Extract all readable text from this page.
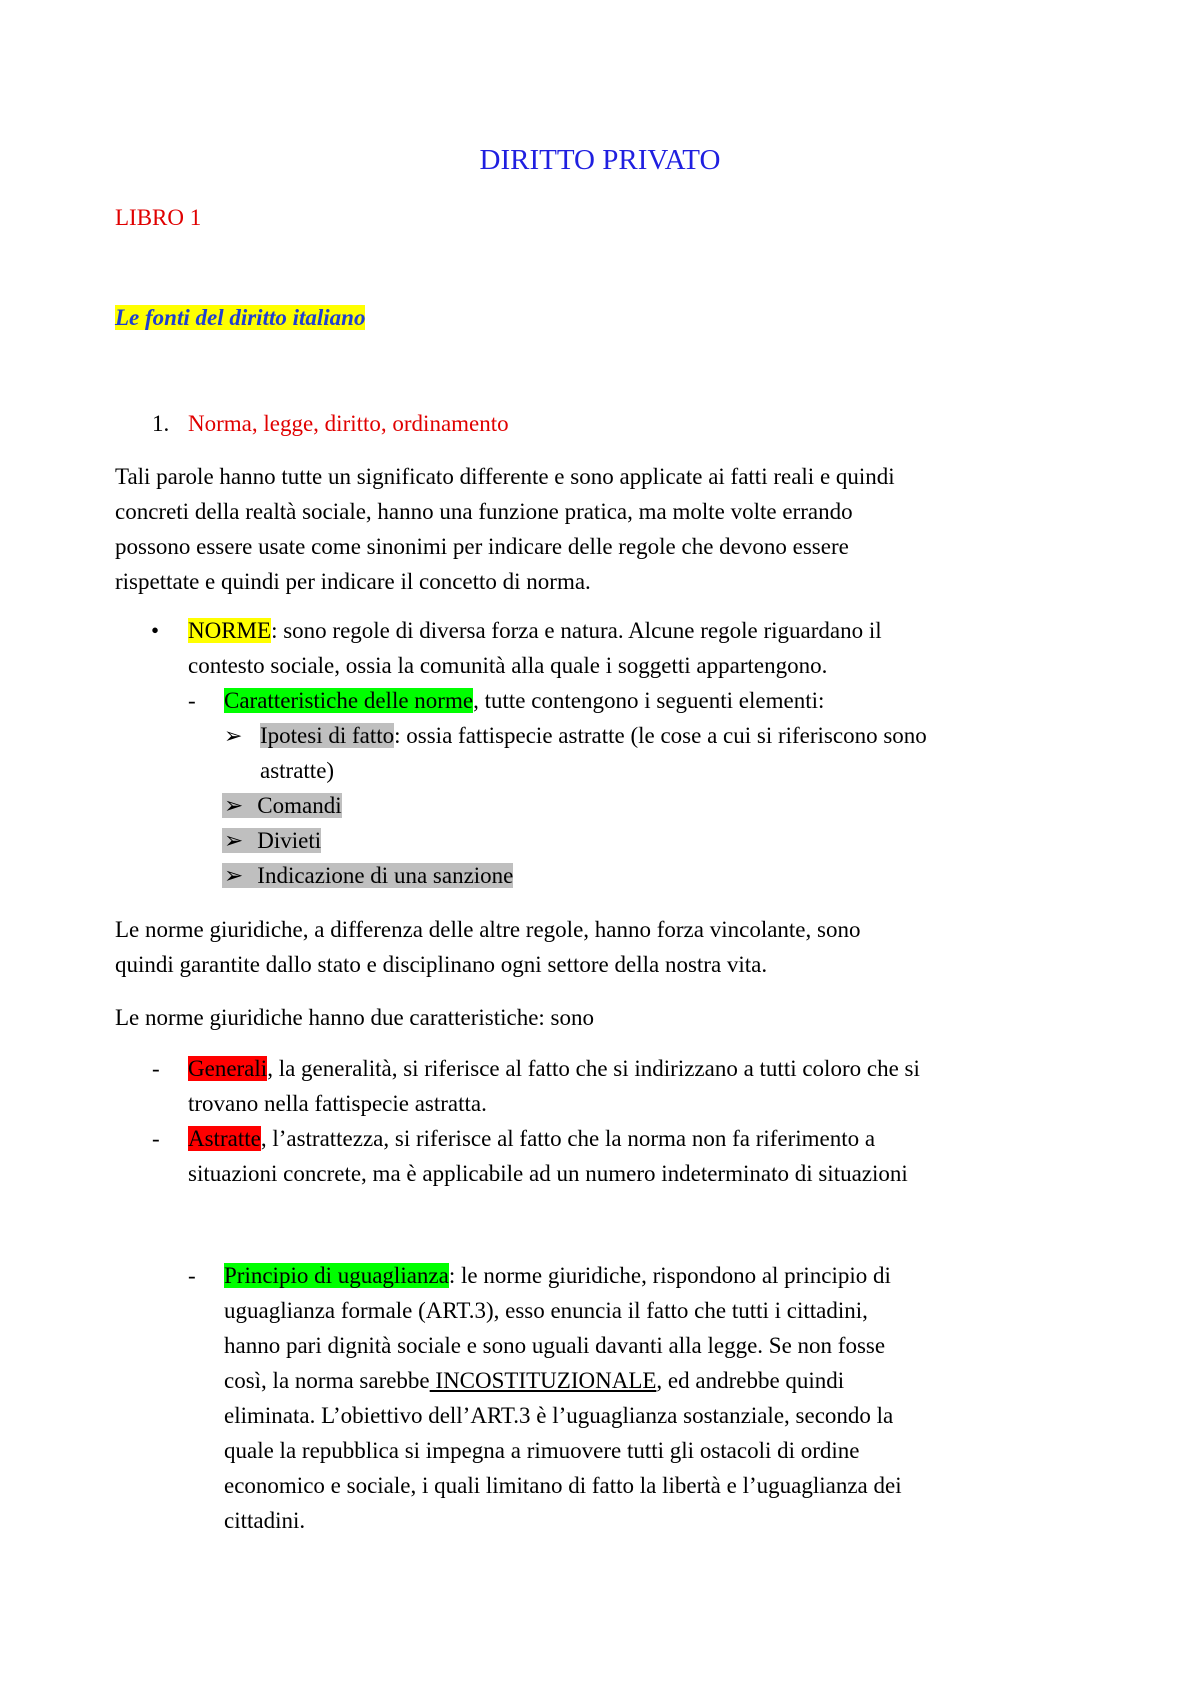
DIRITTO PRIVATO
LIBRO 1
Le fonti del diritto italiano
1. Norma, legge, diritto, ordinamento
Tali parole hanno tutte un significato differente e sono applicate ai fatti reali e quindi
concreti della realtà sociale, hanno una funzione pratica, ma molte volte errando
possono essere usate come sinonimi per indicare delle regole che devono essere
rispettate e quindi per indicare il concetto di norma.
• NORME: sono regole di diversa forza e natura. Alcune regole riguardano il
contesto sociale, ossia la comunità alla quale i soggetti appartengono.
- Caratteristiche delle norme, tutte contengono i seguenti elementi:
➢ Ipotesi di fatto: ossia fattispecie astratte (le cose a cui si riferiscono sono
astratte)
➢ Comandi
➢ Divieti
➢ Indicazione di una sanzione
Le norme giuridiche, a differenza delle altre regole, hanno forza vincolante, sono
quindi garantite dallo stato e disciplinano ogni settore della nostra vita.
Le norme giuridiche hanno due caratteristiche: sono
- Generali, la generalità, si riferisce al fatto che si indirizzano a tutti coloro che si
trovano nella fattispecie astratta.
- Astratte, l’astrattezza, si riferisce al fatto che la norma non fa riferimento a
situazioni concrete, ma è applicabile ad un numero indeterminato di situazioni
- Principio di uguaglianza: le norme giuridiche, rispondono al principio di
uguaglianza formale (ART.3), esso enuncia il fatto che tutti i cittadini,
hanno pari dignità sociale e sono uguali davanti alla legge. Se non fosse
così, la norma sarebbe INCOSTITUZIONALE, ed andrebbe quindi
eliminata. L’obiettivo dell’ART.3 è l’uguaglianza sostanziale, secondo la
quale la repubblica si impegna a rimuovere tutti gli ostacoli di ordine
economico e sociale, i quali limitano di fatto la libertà e l’uguaglianza dei
cittadini.
